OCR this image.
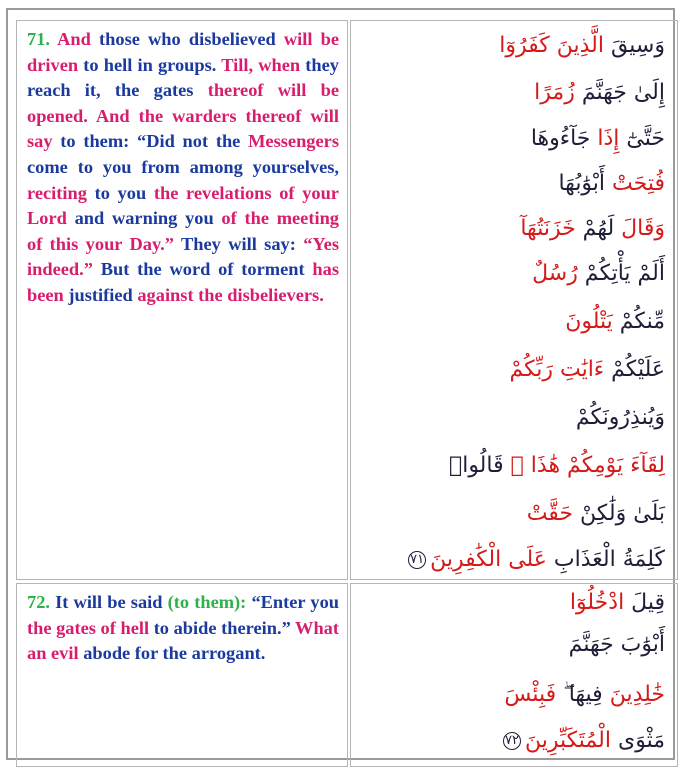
71. And those who disbelieved will be driven to hell in groups. Till, when they reach it, the gates thereof will be opened. And the warders thereof will say to them: “Did not the Messengers come to you from among yourselves, reciting to you the revelations of your Lord and warning you of the meeting of this your Day.” They will say: “Yes indeed.” But the word of torment has been justified against the disbelievers.

وَسِيقَ الَّذِينَ كَفَرُوٓا
إِلَىٰ جَهَنَّمَ زُمَرًا
حَتَّىٰٓ إِذَا جَآءُوهَا
فُتِحَتْ أَبْوَٰبُهَا
وَقَالَ لَهُمْ خَزَنَتُهَآ
أَلَمْ يَأْتِكُمْ رُسُلٌ
مِّنكُمْ يَتْلُونَ
عَلَيْكُمْ ءَايَٰتِ رَبِّكُمْ
وَيُنذِرُونَكُمْ
لِقَآءَ يَوْمِكُمْ هَٰذَا ۚ قَالُوا۟
بَلَىٰ وَلَٰكِنْ حَقَّتْ
كَلِمَةُ الْعَذَابِ عَلَى الْكَٰفِرِينَ٧١

72. It will be said (to them): “Enter you the gates of hell to abide therein.” What an evil abode for the arrogant.

قِيلَ ادْخُلُوٓا
أَبْوَٰبَ جَهَنَّمَ
خَٰلِدِينَ فِيهَا ۖ فَبِئْسَ
مَثْوَى الْمُتَكَبِّرِينَ٧٢
